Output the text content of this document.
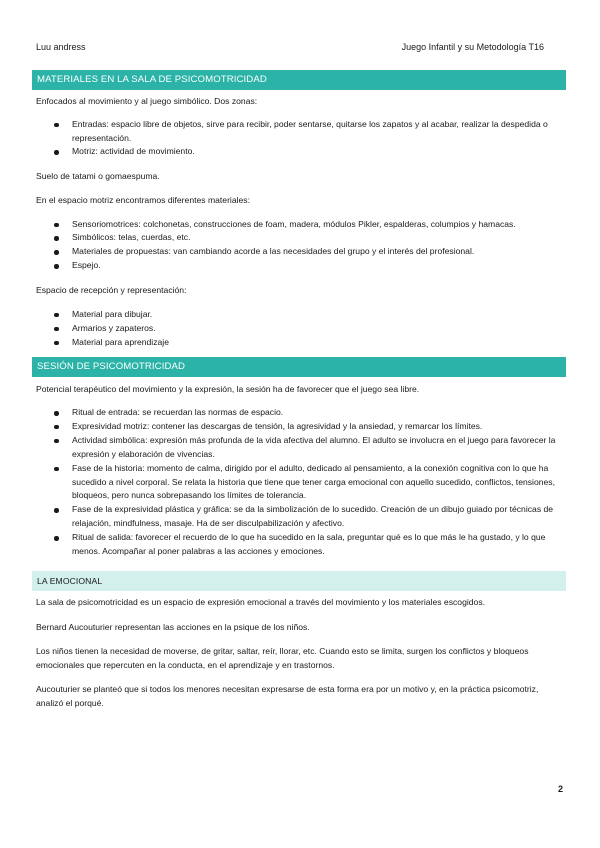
Luu andress	Juego Infantil y su Metodología T16
MATERIALES EN LA SALA DE PSICOMOTRICIDAD

Enfocados al movimiento y al juego simbólico. Dos zonas:

Entradas: espacio libre de objetos, sirve para recibir, poder sentarse, quitarse los zapatos y al acabar, realizar la despedida o representación.
Motriz: actividad de movimiento.

Suelo de tatami o gomaespuma.

En el espacio motriz encontramos diferentes materiales:

Sensoriomotrices: colchonetas, construcciones de foam, madera, módulos Pikler, espalderas, columpios y hamacas.
Simbólicos: telas, cuerdas, etc.
Materiales de propuestas: van cambiando acorde a las necesidades del grupo y el interés del profesional.
Espejo.

Espacio de recepción y representación:

Material para dibujar.
Armarios y zapateros.
Material para aprendizaje
SESIÓN DE PSICOMOTRICIDAD

Potencial terapéutico del movimiento y la expresión, la sesión ha de favorecer que el juego sea libre.

Ritual de entrada: se recuerdan las normas de espacio.
Expresividad motriz: contener las descargas de tensión, la agresividad y la ansiedad, y remarcar los límites.
Actividad simbólica: expresión más profunda de la vida afectiva del alumno. El adulto se involucra en el juego para favorecer la expresión y elaboración de vivencias.
Fase de la historia: momento de calma, dirigido por el adulto, dedicado al pensamiento, a la conexión cognitiva con lo que ha sucedido a nivel corporal. Se relata la historia que tiene que tener carga emocional con aquello sucedido, conflictos, tensiones, bloqueos, pero nunca sobrepasando los límites de tolerancia.
Fase de la expresividad plástica y gráfica: se da la simbolización de lo sucedido. Creación de un dibujo guiado por técnicas de relajación, mindfulness, masaje. Ha de ser disculpabilización y afectivo.
Ritual de salida: favorecer el recuerdo de lo que ha sucedido en la sala, preguntar qué es lo que más le ha gustado, y lo que menos. Acompañar al poner palabras a las acciones y emociones.
LA EMOCIONAL

La sala de psicomotricidad es un espacio de expresión emocional a través del movimiento y los materiales escogidos.

Bernard Aucouturier representan las acciones en la psique de los niños.

Los niños tienen la necesidad de moverse, de gritar, saltar, reír, llorar, etc. Cuando esto se limita, surgen los conflictos y bloqueos emocionales que repercuten en la conducta, en el aprendizaje y en trastornos.

Aucouturier se planteó que si todos los menores necesitan expresarse de esta forma era por un motivo y, en la práctica psicomotriz, analizó el porqué.

2
